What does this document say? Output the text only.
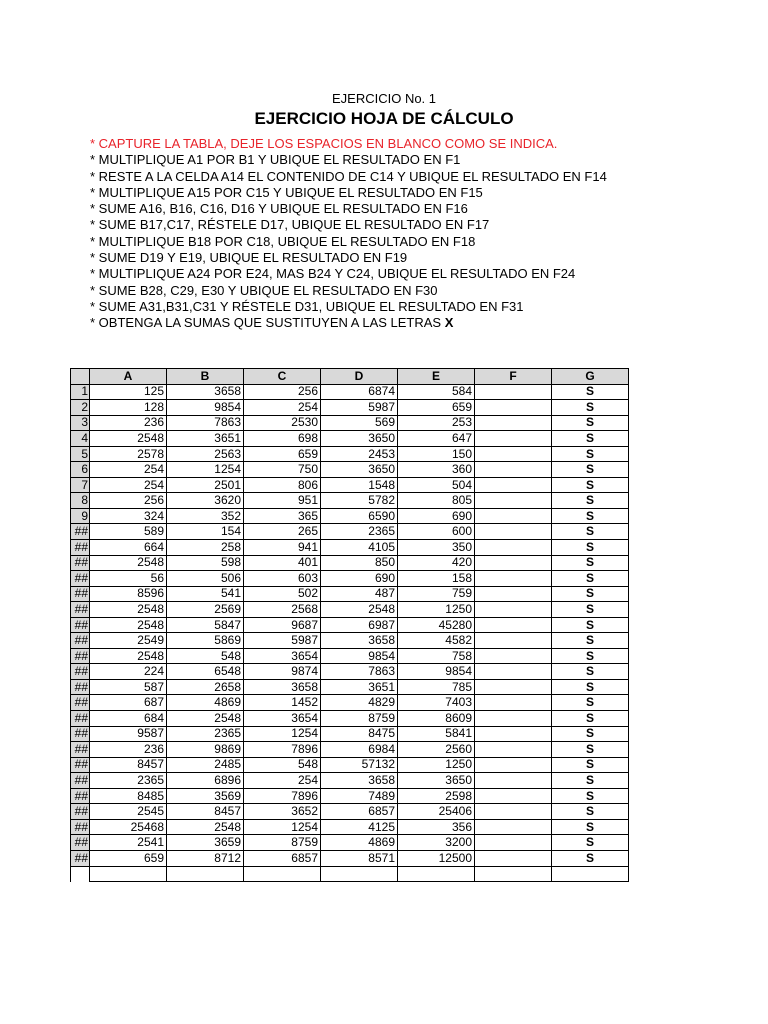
EJERCICIO No. 1
EJERCICIO HOJA DE CÁLCULO
* CAPTURE LA TABLA, DEJE LOS ESPACIOS EN BLANCO COMO SE INDICA.
* MULTIPLIQUE A1 POR B1 Y UBIQUE EL RESULTADO EN F1
* RESTE A LA CELDA A14 EL CONTENIDO DE C14 Y UBIQUE EL RESULTADO EN F14
* MULTIPLIQUE A15 POR C15 Y UBIQUE EL RESULTADO EN F15
* SUME A16, B16, C16, D16 Y UBIQUE EL RESULTADO EN F16
* SUME B17,C17, RÉSTELE D17, UBIQUE EL RESULTADO EN F17
* MULTIPLIQUE B18 POR C18, UBIQUE EL RESULTADO EN F18
* SUME D19 Y E19, UBIQUE EL RESULTADO EN F19
* MULTIPLIQUE A24 POR E24, MAS B24 Y C24, UBIQUE EL RESULTADO EN F24
* SUME B28, C29, E30 Y UBIQUE EL RESULTADO EN F30
* SUME A31,B31,C31 Y RÉSTELE D31, UBIQUE EL RESULTADO EN F31
* OBTENGA LA SUMAS QUE SUSTITUYEN A LAS LETRAS X
	A	B	C	D	E	F	G
1	125	3658	256	6874	584		S
2	128	9854	254	5987	659		S
3	236	7863	2530	569	253		S
4	2548	3651	698	3650	647		S
5	2578	2563	659	2453	150		S
6	254	1254	750	3650	360		S
7	254	2501	806	1548	504		S
8	256	3620	951	5782	805		S
9	324	352	365	6590	690		S
##	589	154	265	2365	600		S
##	664	258	941	4105	350		S
##	2548	598	401	850	420		S
##	56	506	603	690	158		S
##	8596	541	502	487	759		S
##	2548	2569	2568	2548	1250		S
##	2548	5847	9687	6987	45280		S
##	2549	5869	5987	3658	4582		S
##	2548	548	3654	9854	758		S
##	224	6548	9874	7863	9854		S
##	587	2658	3658	3651	785		S
##	687	4869	1452	4829	7403		S
##	684	2548	3654	8759	8609		S
##	9587	2365	1254	8475	5841		S
##	236	9869	7896	6984	2560		S
##	8457	2485	548	57132	1250		S
##	2365	6896	254	3658	3650		S
##	8485	3569	7896	7489	2598		S
##	2545	8457	3652	6857	25406		S
##	25468	2548	1254	4125	356		S
##	2541	3659	8759	4869	3200		S
##	659	8712	6857	8571	12500		S
